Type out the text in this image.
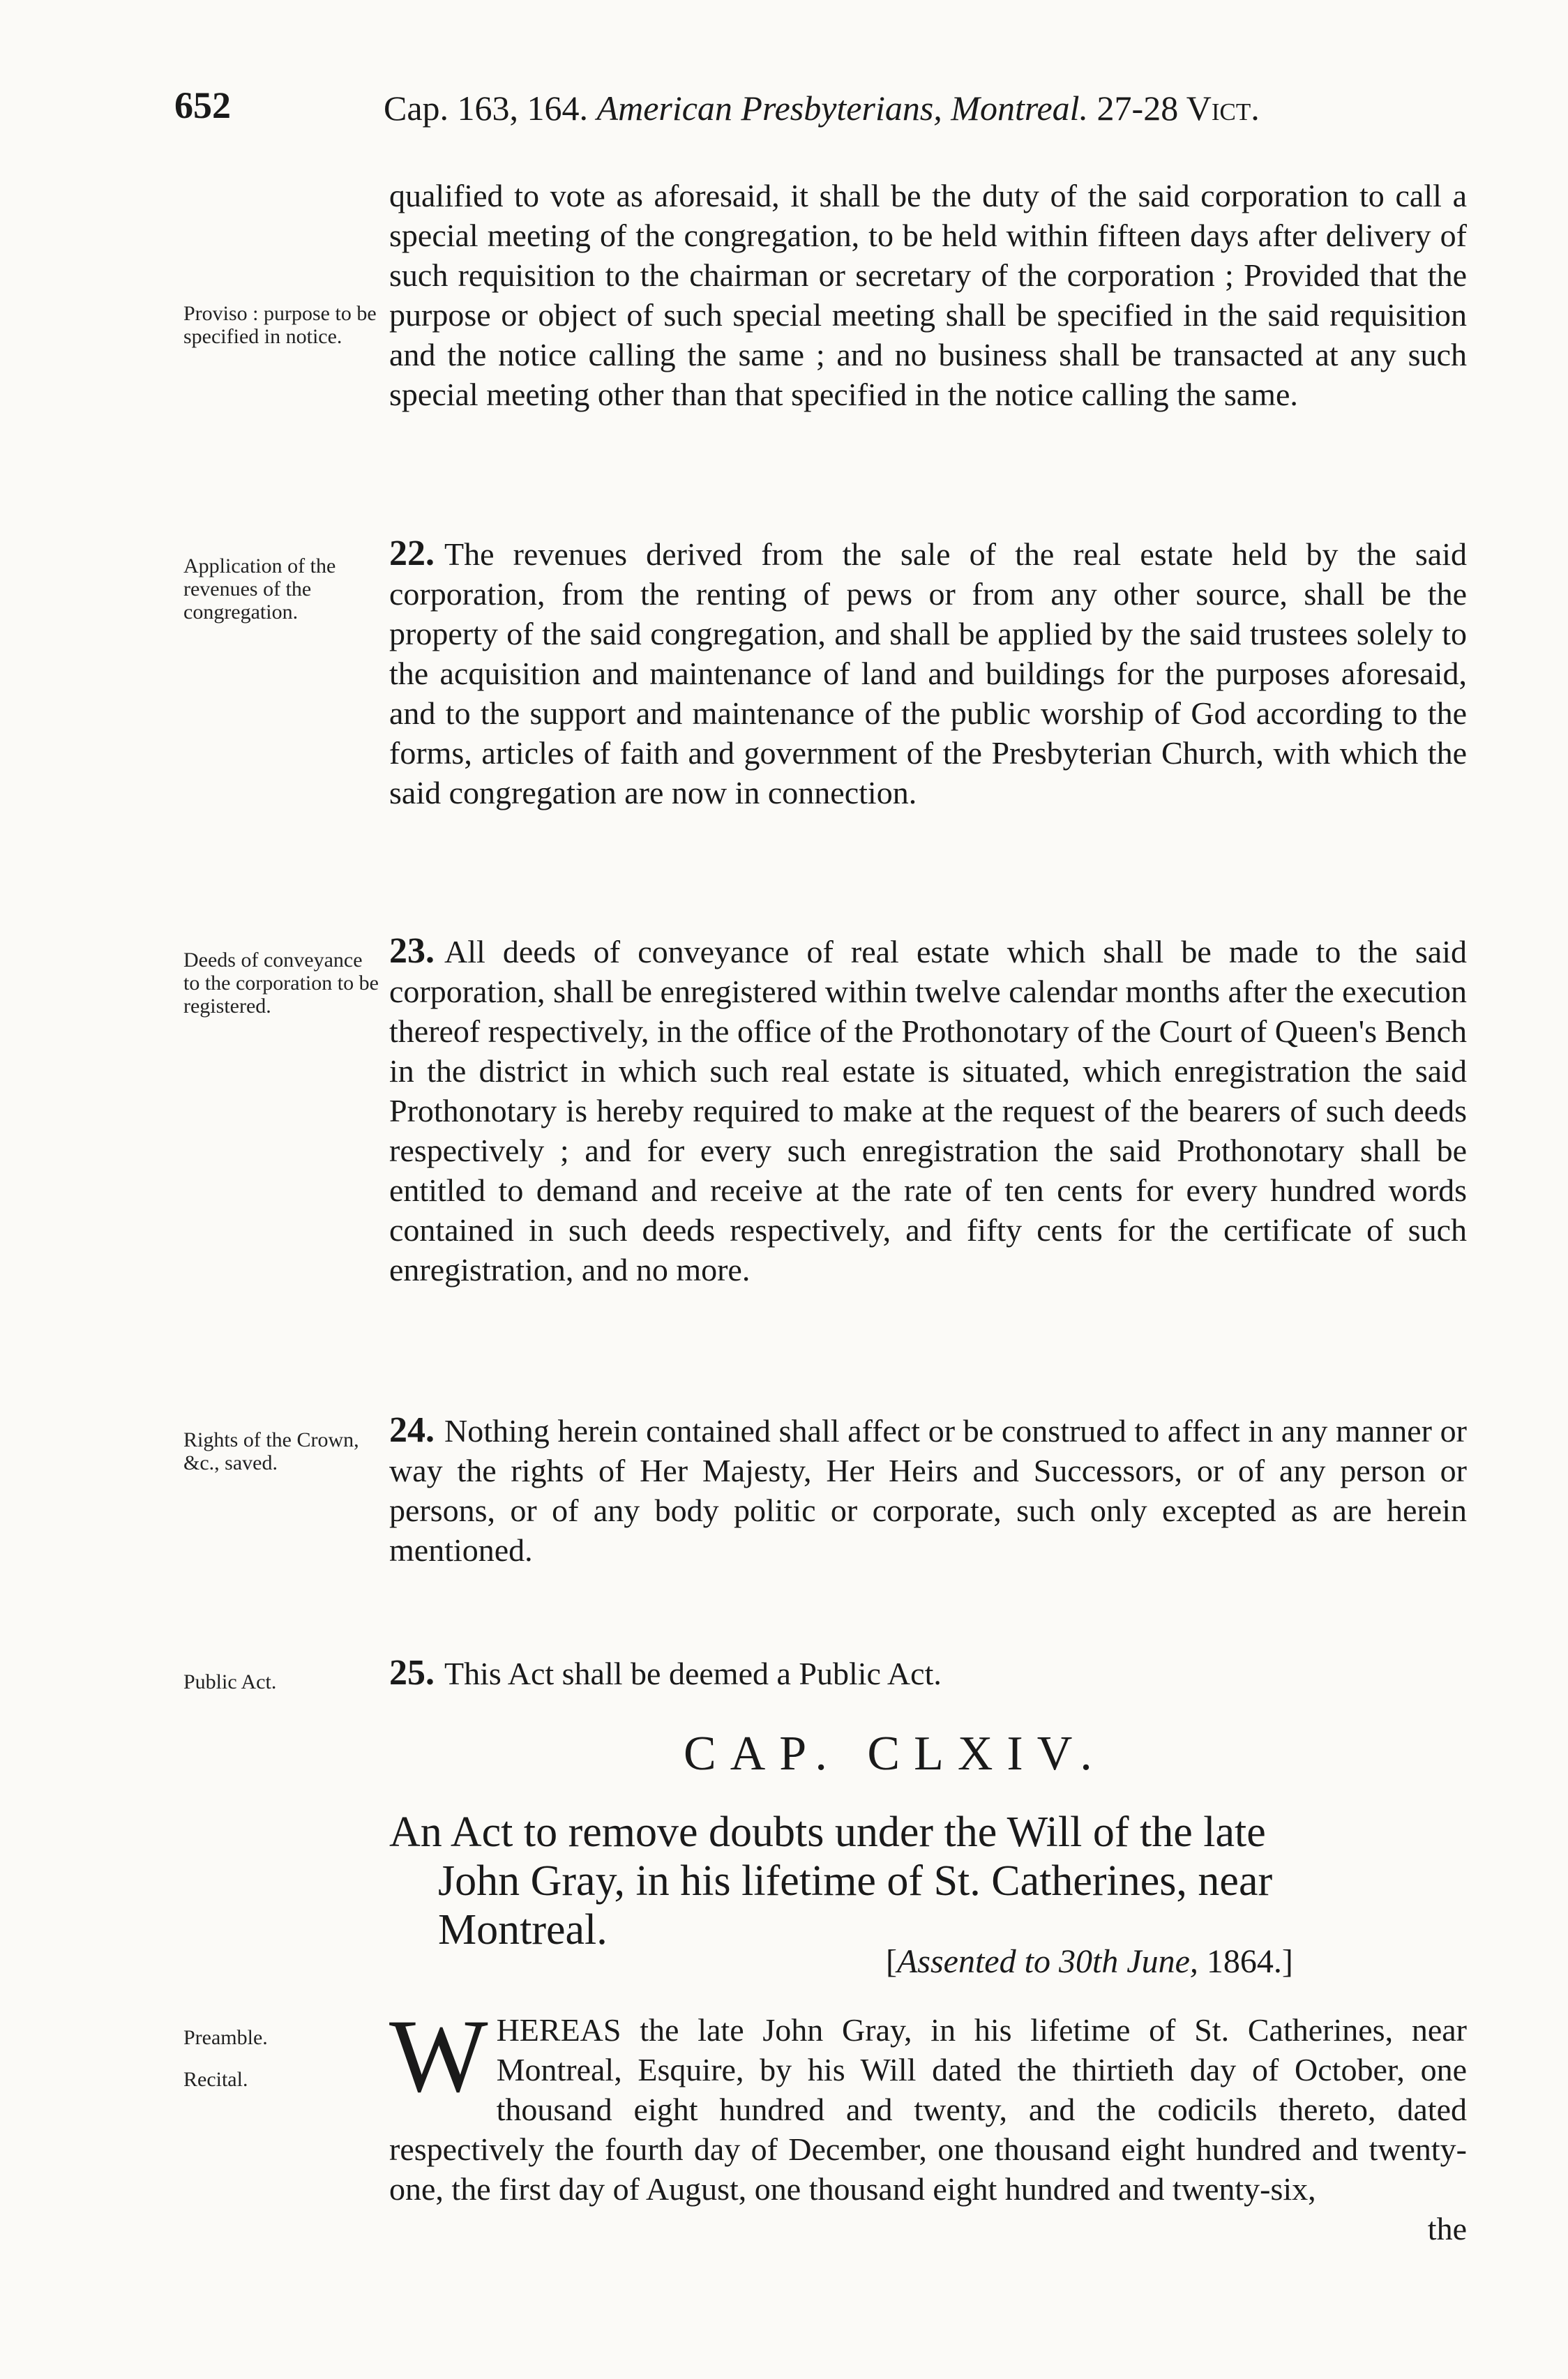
652	Cap. 163, 164. American Presbyterians, Montreal. 27-28 Vict.
Proviso : purpose to be specified in notice.

qualified to vote as aforesaid, it shall be the duty of the said corporation to call a special meeting of the congregation, to be held within fifteen days after delivery of such requisition to the chairman or secretary of the corporation ; Provided that the purpose or object of such special meeting shall be specified in the said requisition and the notice calling the same ; and no business shall be transacted at any such special meeting other than that specified in the notice calling the same.

Application of the revenues of the congregation.

22. The revenues derived from the sale of the real estate held by the said corporation, from the renting of pews or from any other source, shall be the property of the said congregation, and shall be applied by the said trustees solely to the acquisition and maintenance of land and buildings for the purposes aforesaid, and to the support and maintenance of the public worship of God according to the forms, articles of faith and government of the Presbyterian Church, with which the said congregation are now in connection.

Deeds of conveyance to the corporation to be registered.

23. All deeds of conveyance of real estate which shall be made to the said corporation, shall be enregistered within twelve calendar months after the execution thereof respectively, in the office of the Prothonotary of the Court of Queen's Bench in the district in which such real estate is situated, which enregistration the said Prothonotary is hereby required to make at the request of the bearers of such deeds respectively ; and for every such enregistration the said Prothonotary shall be entitled to demand and receive at the rate of ten cents for every hundred words contained in such deeds respectively, and fifty cents for the certificate of such enregistration, and no more.

Rights of the Crown, &c., saved.

24. Nothing herein contained shall affect or be construed to affect in any manner or way the rights of Her Majesty, Her Heirs and Successors, or of any person or persons, or of any body politic or corporate, such only excepted as are herein mentioned.

Public Act.	25. This Act shall be deemed a Public Act.

CAP. CLXIV.
An Act to remove doubts under the Will of the late
John Gray, in his lifetime of St. Catherines, near
Montreal.
[Assented to 30th June, 1864.]
Preamble.
Recital.	WHEREAS the late John Gray, in his lifetime of St. Catherines, near Montreal, Esquire, by his Will dated the thirtieth day of October, one thousand eight hundred and twenty, and the codicils thereto, dated respectively the fourth day of December, one thousand eight hundred and twenty-one, the first day of August, one thousand eight hundred and twenty-six,

the
